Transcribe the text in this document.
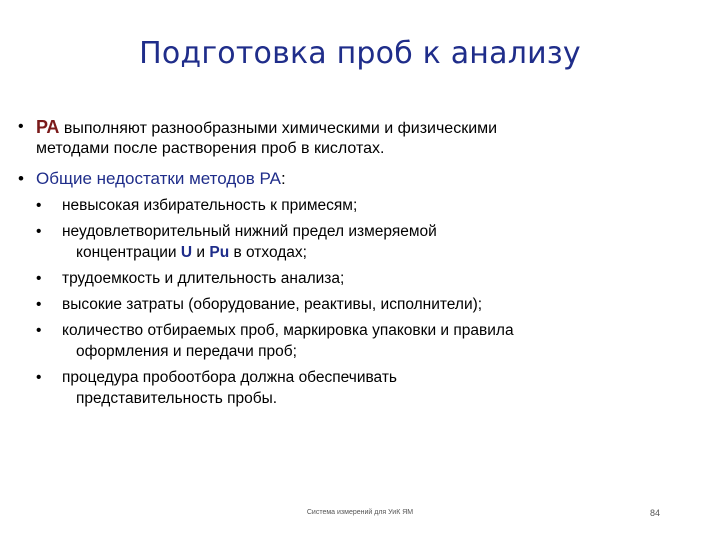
Подготовка проб к анализу
•
РА выполняют разнообразными химическими и физическими
методами после растворения проб в кислотах.
•
Общие недостатки методов РА:
•
невысокая избирательность к примесям;
•
неудовлетворительный нижний предел измеряемой
концентрации U и Pu в отходах;
•
трудоемкость и длительность анализа;
•
высокие затраты (оборудование, реактивы, исполнители);
•
количество отбираемых проб, маркировка упаковки и правила
оформления и передачи проб;
•
процедура пробоотбора должна обеспечивать
представительность пробы.
Система измерений для УиК ЯМ	84
